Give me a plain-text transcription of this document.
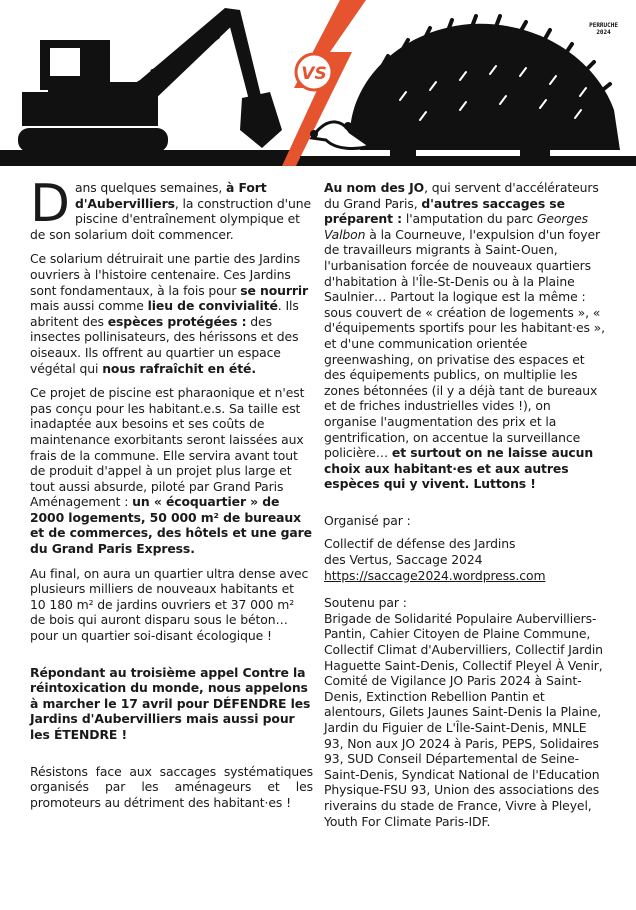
VS
PERRUCHE
2024

Dans quelques semaines, à Fort d'Aubervilliers, la construction d'une piscine d'entraînement olympique et de son solarium doit commencer.

Ce solarium détruirait une partie des Jardins ouvriers à l'histoire centenaire. Ces Jardins sont fondamentaux, à la fois pour se nourrir mais aussi comme lieu de convivialité. Ils abritent des espèces protégées : des insectes pollinisateurs, des hérissons et des oiseaux. Ils offrent au quartier un espace végétal qui nous rafraîchit en été.

Ce projet de piscine est pharaonique et n'est pas conçu pour les habitant.e.s. Sa taille est inadaptée aux besoins et ses coûts de maintenance exorbitants seront laissées aux frais de la commune. Elle servira avant tout de produit d'appel à un projet plus large et tout aussi absurde, piloté par Grand Paris Aménagement : un « écoquartier » de 2000 logements, 50 000 m² de bureaux et de commerces, des hôtels et une gare du Grand Paris Express.

Au final, on aura un quartier ultra dense avec plusieurs milliers de nouveaux habitants et 10 180 m² de jardins ouvriers et 37 000 m² de bois qui auront disparu sous le béton… pour un quartier soi-disant écologique !

Répondant au troisième appel Contre la réintoxication du monde, nous appelons à marcher le 17 avril pour DÉFENDRE les Jardins d'Aubervilliers mais aussi pour les ÉTENDRE !

Résistons face aux saccages systématiques organisés par les aménageurs et les promoteurs au détriment des habitant·es !

Au nom des JO, qui servent d'accélérateurs du Grand Paris, d'autres saccages se préparent : l'amputation du parc Georges Valbon à la Courneuve, l'expulsion d'un foyer de travailleurs migrants à Saint-Ouen, l'urbanisation forcée de nouveaux quartiers d'habitation à l'Île-St-Denis ou à la Plaine Saulnier… Partout la logique est la même : sous couvert de « création de logements », « d'équipements sportifs pour les habitant·es », et d'une communication orientée greenwashing, on privatise des espaces et des équipements publics, on multiplie les zones bétonnées (il y a déjà tant de bureaux et de friches industrielles vides !), on organise l'augmentation des prix et la gentrification, on accentue la surveillance policière… et surtout on ne laisse aucun choix aux habitant·es et aux autres espèces qui y vivent. Luttons !

Organisé par :
Collectif de défense des Jardins
des Vertus, Saccage 2024
https://saccage2024.wordpress.com
Soutenu par :
Brigade de Solidarité Populaire Aubervilliers-Pantin, Cahier Citoyen de Plaine Commune, Collectif Climat d'Aubervilliers, Collectif Jardin Haguette Saint-Denis, Collectif Pleyel À Venir, Comité de Vigilance JO Paris 2024 à Saint-Denis, Extinction Rebellion Pantin et alentours, Gilets Jaunes Saint-Denis la Plaine, Jardin du Figuier de L'Île-Saint-Denis, MNLE 93, Non aux JO 2024 à Paris, PEPS, Solidaires 93, SUD Conseil Départemental de Seine-Saint-Denis, Syndicat National de l'Education Physique-FSU 93, Union des associations des riverains du stade de France, Vivre à Pleyel, Youth For Climate Paris-IDF.
